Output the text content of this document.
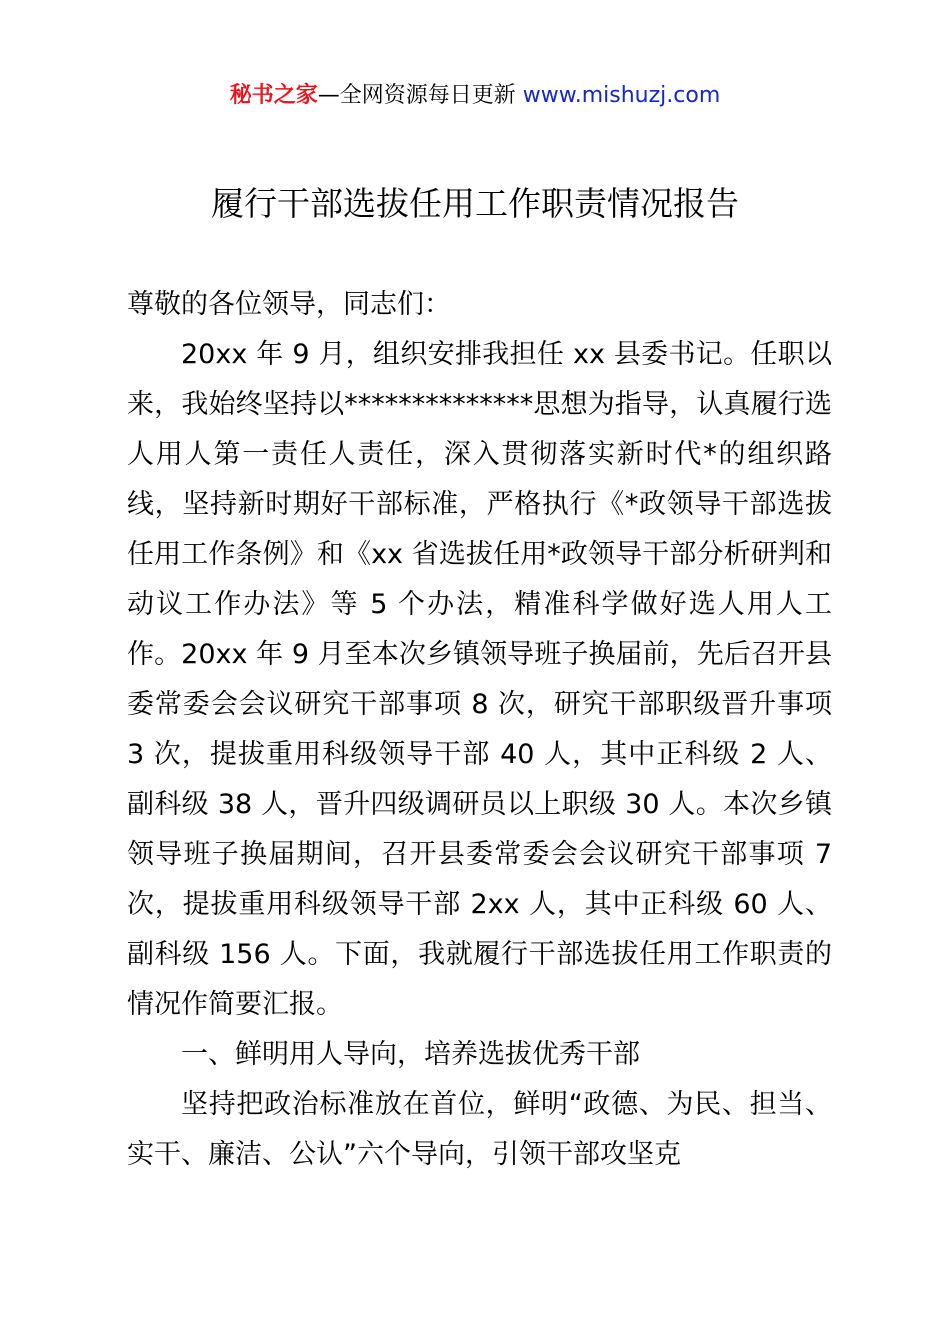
秘书之家—全网资源每日更新 www.mishuzj.com
履行干部选拔任用工作职责情况报告

尊敬的各位领导，同志们：

20xx 年 9 月，组织安排我担任 xx 县委书记。任职以来，我始终坚持以**************思想为指导，认真履行选人用人第一责任人责任，深入贯彻落实新时代*的组织路线，坚持新时期好干部标准，严格执行《*政领导干部选拔任用工作条例》和《xx 省选拔任用*政领导干部分析研判和动议工作办法》等 5 个办法，精准科学做好选人用人工作。20xx 年 9 月至本次乡镇领导班子换届前，先后召开县委常委会会议研究干部事项 8 次，研究干部职级晋升事项 3 次，提拔重用科级领导干部 40 人，其中正科级 2 人、副科级 38 人，晋升四级调研员以上职级 30 人。本次乡镇领导班子换届期间，召开县委常委会会议研究干部事项 7 次，提拔重用科级领导干部 2xx 人，其中正科级 60 人、副科级 156 人。下面，我就履行干部选拔任用工作职责的情况作简要汇报。

一、鲜明用人导向，培养选拔优秀干部

坚持把政治标准放在首位，鲜明“政德、为民、担当、实干、廉洁、公认”六个导向，引领干部攻坚克
